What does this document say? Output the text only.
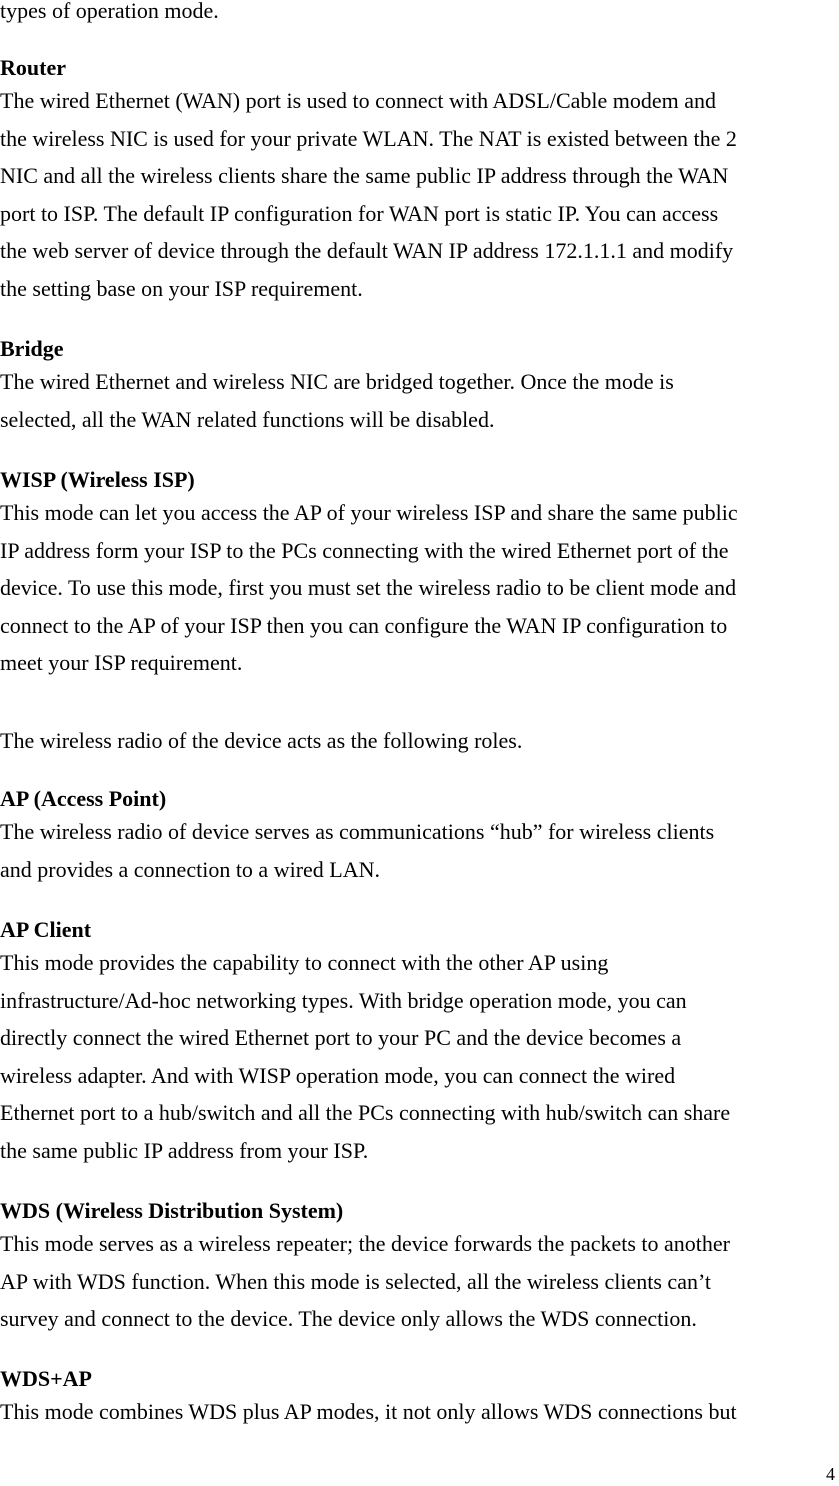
types of operation mode.

Router

The wired Ethernet (WAN) port is used to connect with ADSL/Cable modem and
the wireless NIC is used for your private WLAN. The NAT is existed between the 2
NIC and all the wireless clients share the same public IP address through the WAN
port to ISP. The default IP configuration for WAN port is static IP. You can access
the web server of device through the default WAN IP address 172.1.1.1 and modify
the setting base on your ISP requirement.

Bridge

The wired Ethernet and wireless NIC are bridged together. Once the mode is
selected, all the WAN related functions will be disabled.

WISP (Wireless ISP)

This mode can let you access the AP of your wireless ISP and share the same public
IP address form your ISP to the PCs connecting with the wired Ethernet port of the
device. To use this mode, first you must set the wireless radio to be client mode and
connect to the AP of your ISP then you can configure the WAN IP configuration to
meet your ISP requirement.
The wireless radio of the device acts as the following roles.

AP (Access Point)

The wireless radio of device serves as communications “hub” for wireless clients
and provides a connection to a wired LAN.

AP Client

This mode provides the capability to connect with the other AP using
infrastructure/Ad-hoc networking types. With bridge operation mode, you can
directly connect the wired Ethernet port to your PC and the device becomes a
wireless adapter. And with WISP operation mode, you can connect the wired
Ethernet port to a hub/switch and all the PCs connecting with hub/switch can share
the same public IP address from your ISP.

WDS (Wireless Distribution System)

This mode serves as a wireless repeater; the device forwards the packets to another
AP with WDS function. When this mode is selected, all the wireless clients can’t
survey and connect to the device. The device only allows the WDS connection.

WDS+AP

This mode combines WDS plus AP modes, it not only allows WDS connections but
4
